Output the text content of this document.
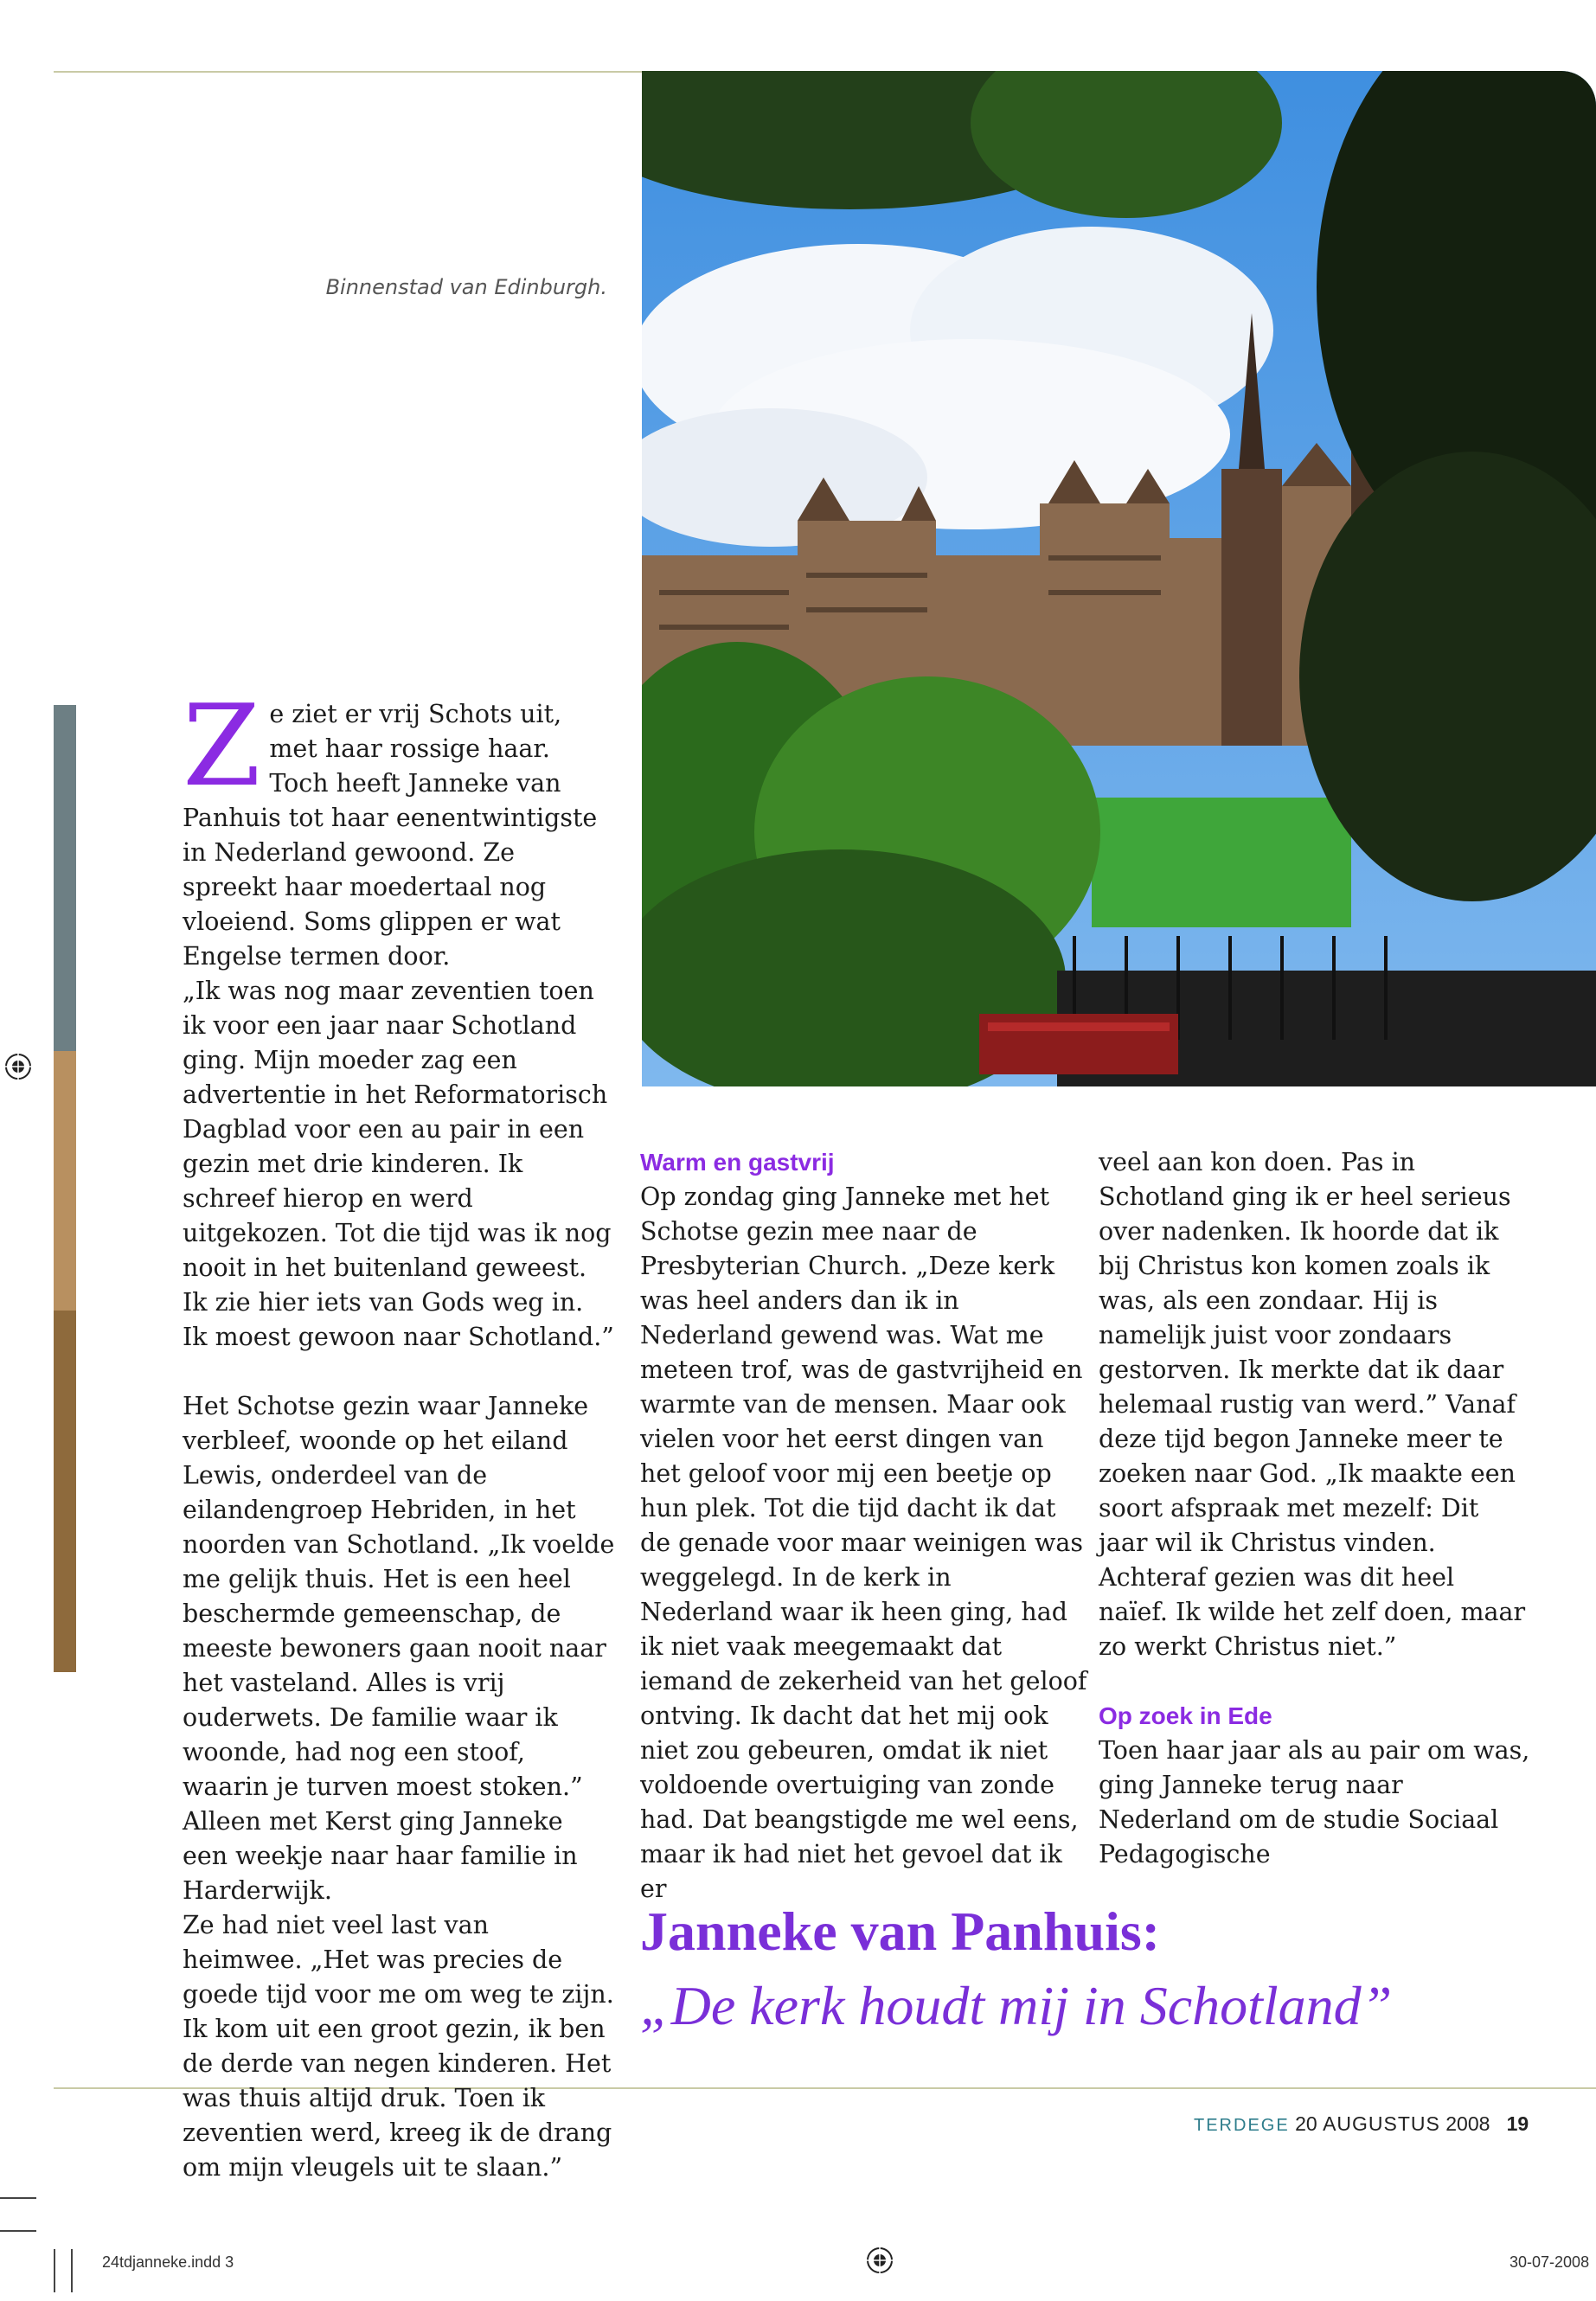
Binnenstad van Edinburgh.
Z e ziet er vrij Schots uit, met haar rossige haar. Toch heeft Janneke van Panhuis tot haar eenentwintigste in Nederland gewoond. Ze spreekt haar moedertaal nog vloeiend. Soms glippen er wat Engelse termen door.

„Ik was nog maar zeventien toen ik voor een jaar naar Schotland ging. Mijn moeder zag een advertentie in het Reformatorisch Dagblad voor een au pair in een gezin met drie kinderen. Ik schreef hierop en werd uitgekozen. Tot die tijd was ik nog nooit in het buitenland geweest. Ik zie hier iets van Gods weg in. Ik moest gewoon naar Schotland.”

Het Schotse gezin waar Janneke verbleef, woonde op het eiland Lewis, onderdeel van de eilandengroep Hebriden, in het noorden van Schotland. „Ik voelde me gelijk thuis. Het is een heel beschermde gemeenschap, de meeste bewoners gaan nooit naar het vasteland. Alles is vrij ouderwets. De familie waar ik woonde, had nog een stoof, waarin je turven moest stoken.” Alleen met Kerst ging Janneke een weekje naar haar familie in Harderwijk.

Ze had niet veel last van heimwee. „Het was precies de goede tijd voor me om weg te zijn. Ik kom uit een groot gezin, ik ben de derde van negen kinderen. Het was thuis altijd druk. Toen ik zeventien werd, kreeg ik de drang om mijn vleugels uit te slaan.”

Warm en gastvrij

Op zondag ging Janneke met het Schotse gezin mee naar de Presbyterian Church. „Deze kerk was heel anders dan ik in Nederland gewend was. Wat me meteen trof, was de gastvrijheid en warmte van de mensen. Maar ook vielen voor het eerst dingen van het geloof voor mij een beetje op hun plek. Tot die tijd dacht ik dat de genade voor maar weinigen was weggelegd. In de kerk in Nederland waar ik heen ging, had ik niet vaak meegemaakt dat iemand de zekerheid van het geloof ontving. Ik dacht dat het mij ook niet zou gebeuren, omdat ik niet voldoende overtuiging van zonde had. Dat beangstigde me wel eens, maar ik had niet het gevoel dat ik er

veel aan kon doen. Pas in Schotland ging ik er heel serieus over nadenken. Ik hoorde dat ik bij Christus kon komen zoals ik was, als een zondaar. Hij is namelijk juist voor zondaars gestorven. Ik merkte dat ik daar helemaal rustig van werd.” Vanaf deze tijd begon Janneke meer te zoeken naar God. „Ik maakte een soort afspraak met mezelf: Dit jaar wil ik Christus vinden. Achteraf gezien was dit heel naïef. Ik wilde het zelf doen, maar zo werkt Christus niet.”

Op zoek in Ede

Toen haar jaar als au pair om was, ging Janneke terug naar Nederland om de studie Sociaal Pedagogische

Janneke van Panhuis:
„De kerk houdt mij in Schotland”
TERDEGE 20 AUGUSTUS 2008 19
24tdjanneke.indd 3	30-07-2008
